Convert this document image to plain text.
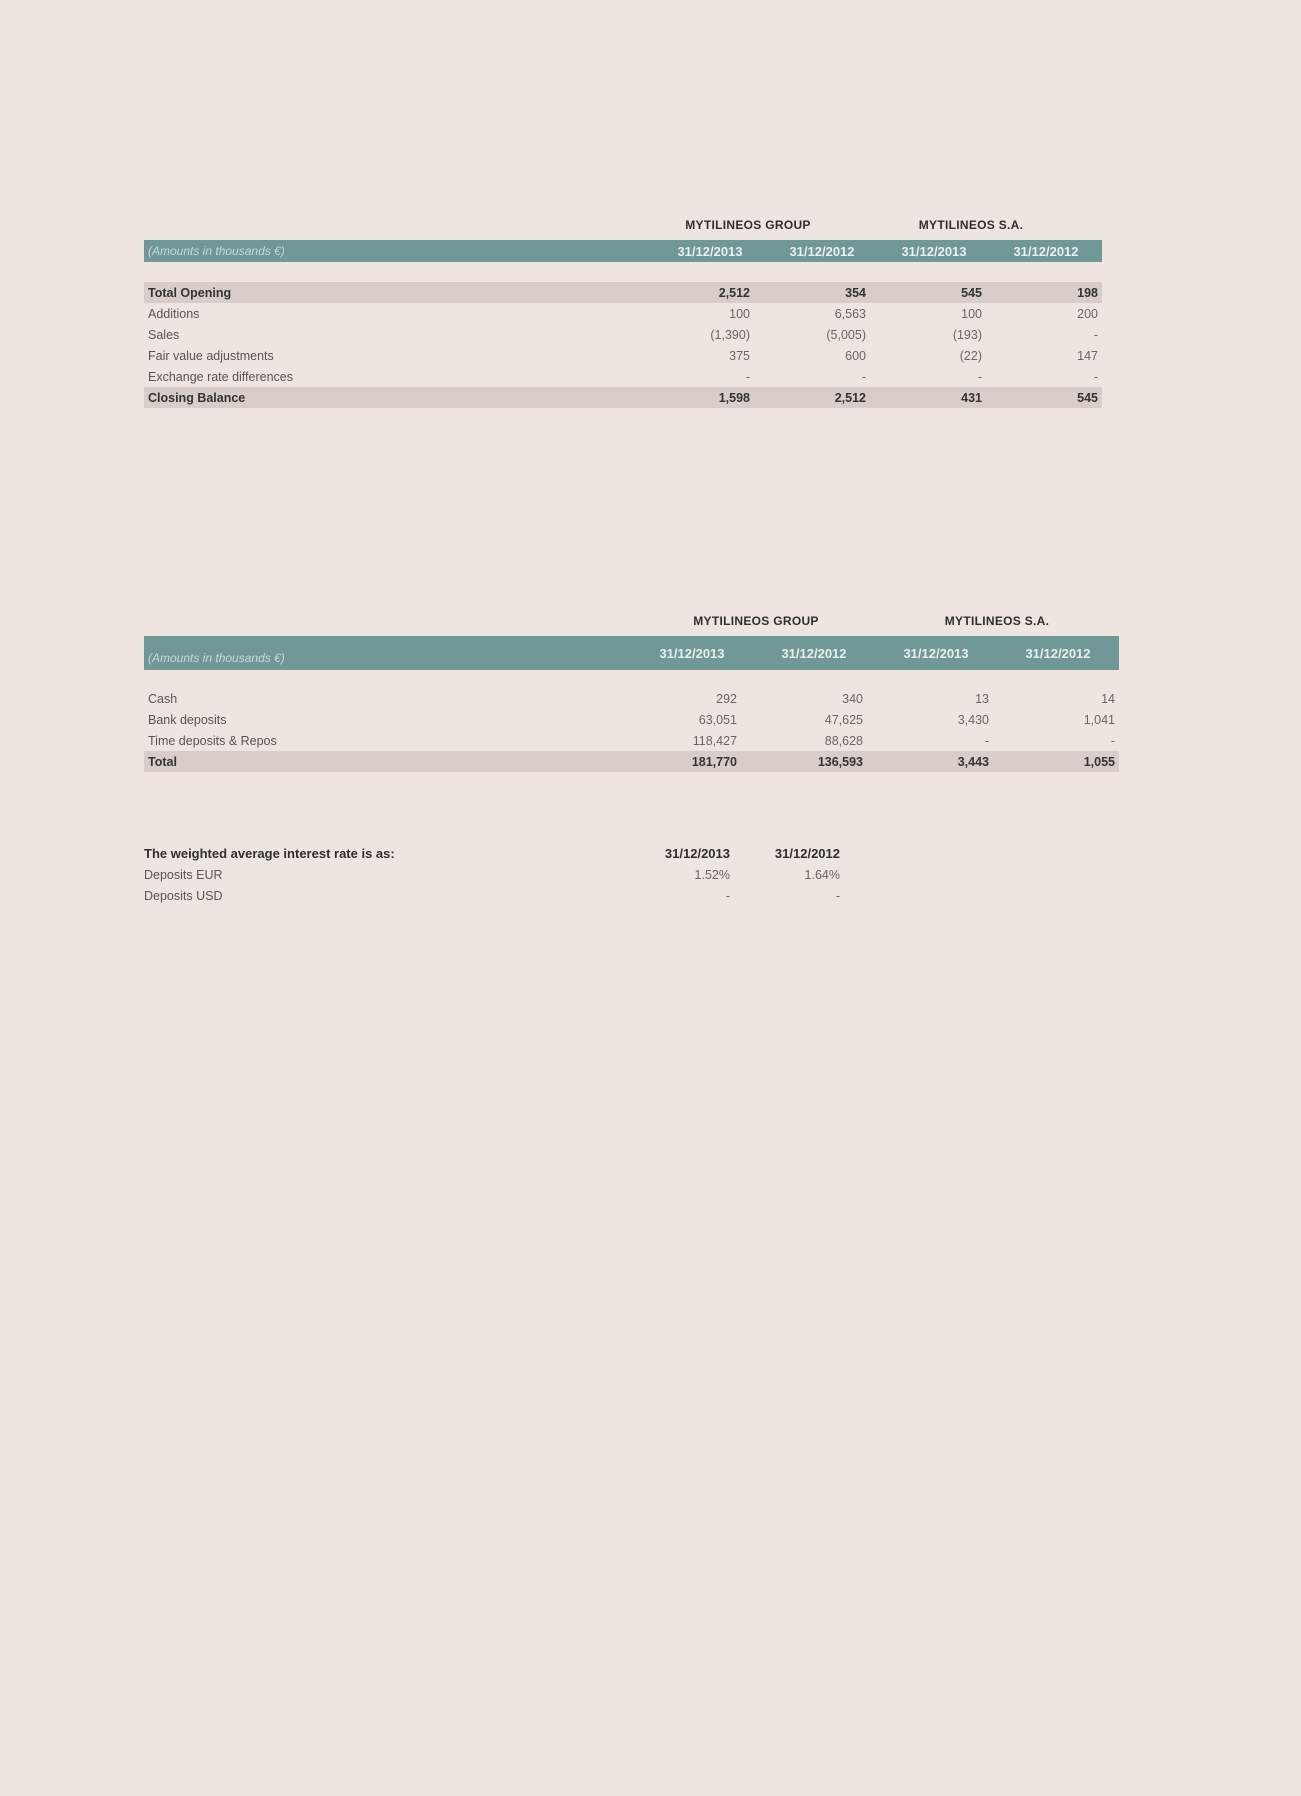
MYTILINEOS GROUP	MYTILINEOS S.A.
(Amounts in thousands €)	31/12/2013	31/12/2012	31/12/2013	31/12/2012
Total Opening	2,512	354	545	198
Additions	100	6,563	100	200
Sales	(1,390)	(5,005)	(193)	-
Fair value adjustments	375	600	(22)	147
Exchange rate differences	-	-	-	-
Closing Balance	1,598	2,512	431	545
MYTILINEOS GROUP	MYTILINEOS S.A.
(Amounts in thousands €)	31/12/2013	31/12/2012	31/12/2013	31/12/2012
Cash	292	340	13	14
Bank deposits	63,051	47,625	3,430	1,041
Time deposits & Repos	118,427	88,628	-	-
Total	181,770	136,593	3,443	1,055
The weighted average interest rate is as:	31/12/2013	31/12/2012
Deposits EUR	1.52%	1.64%
Deposits USD	-	-
